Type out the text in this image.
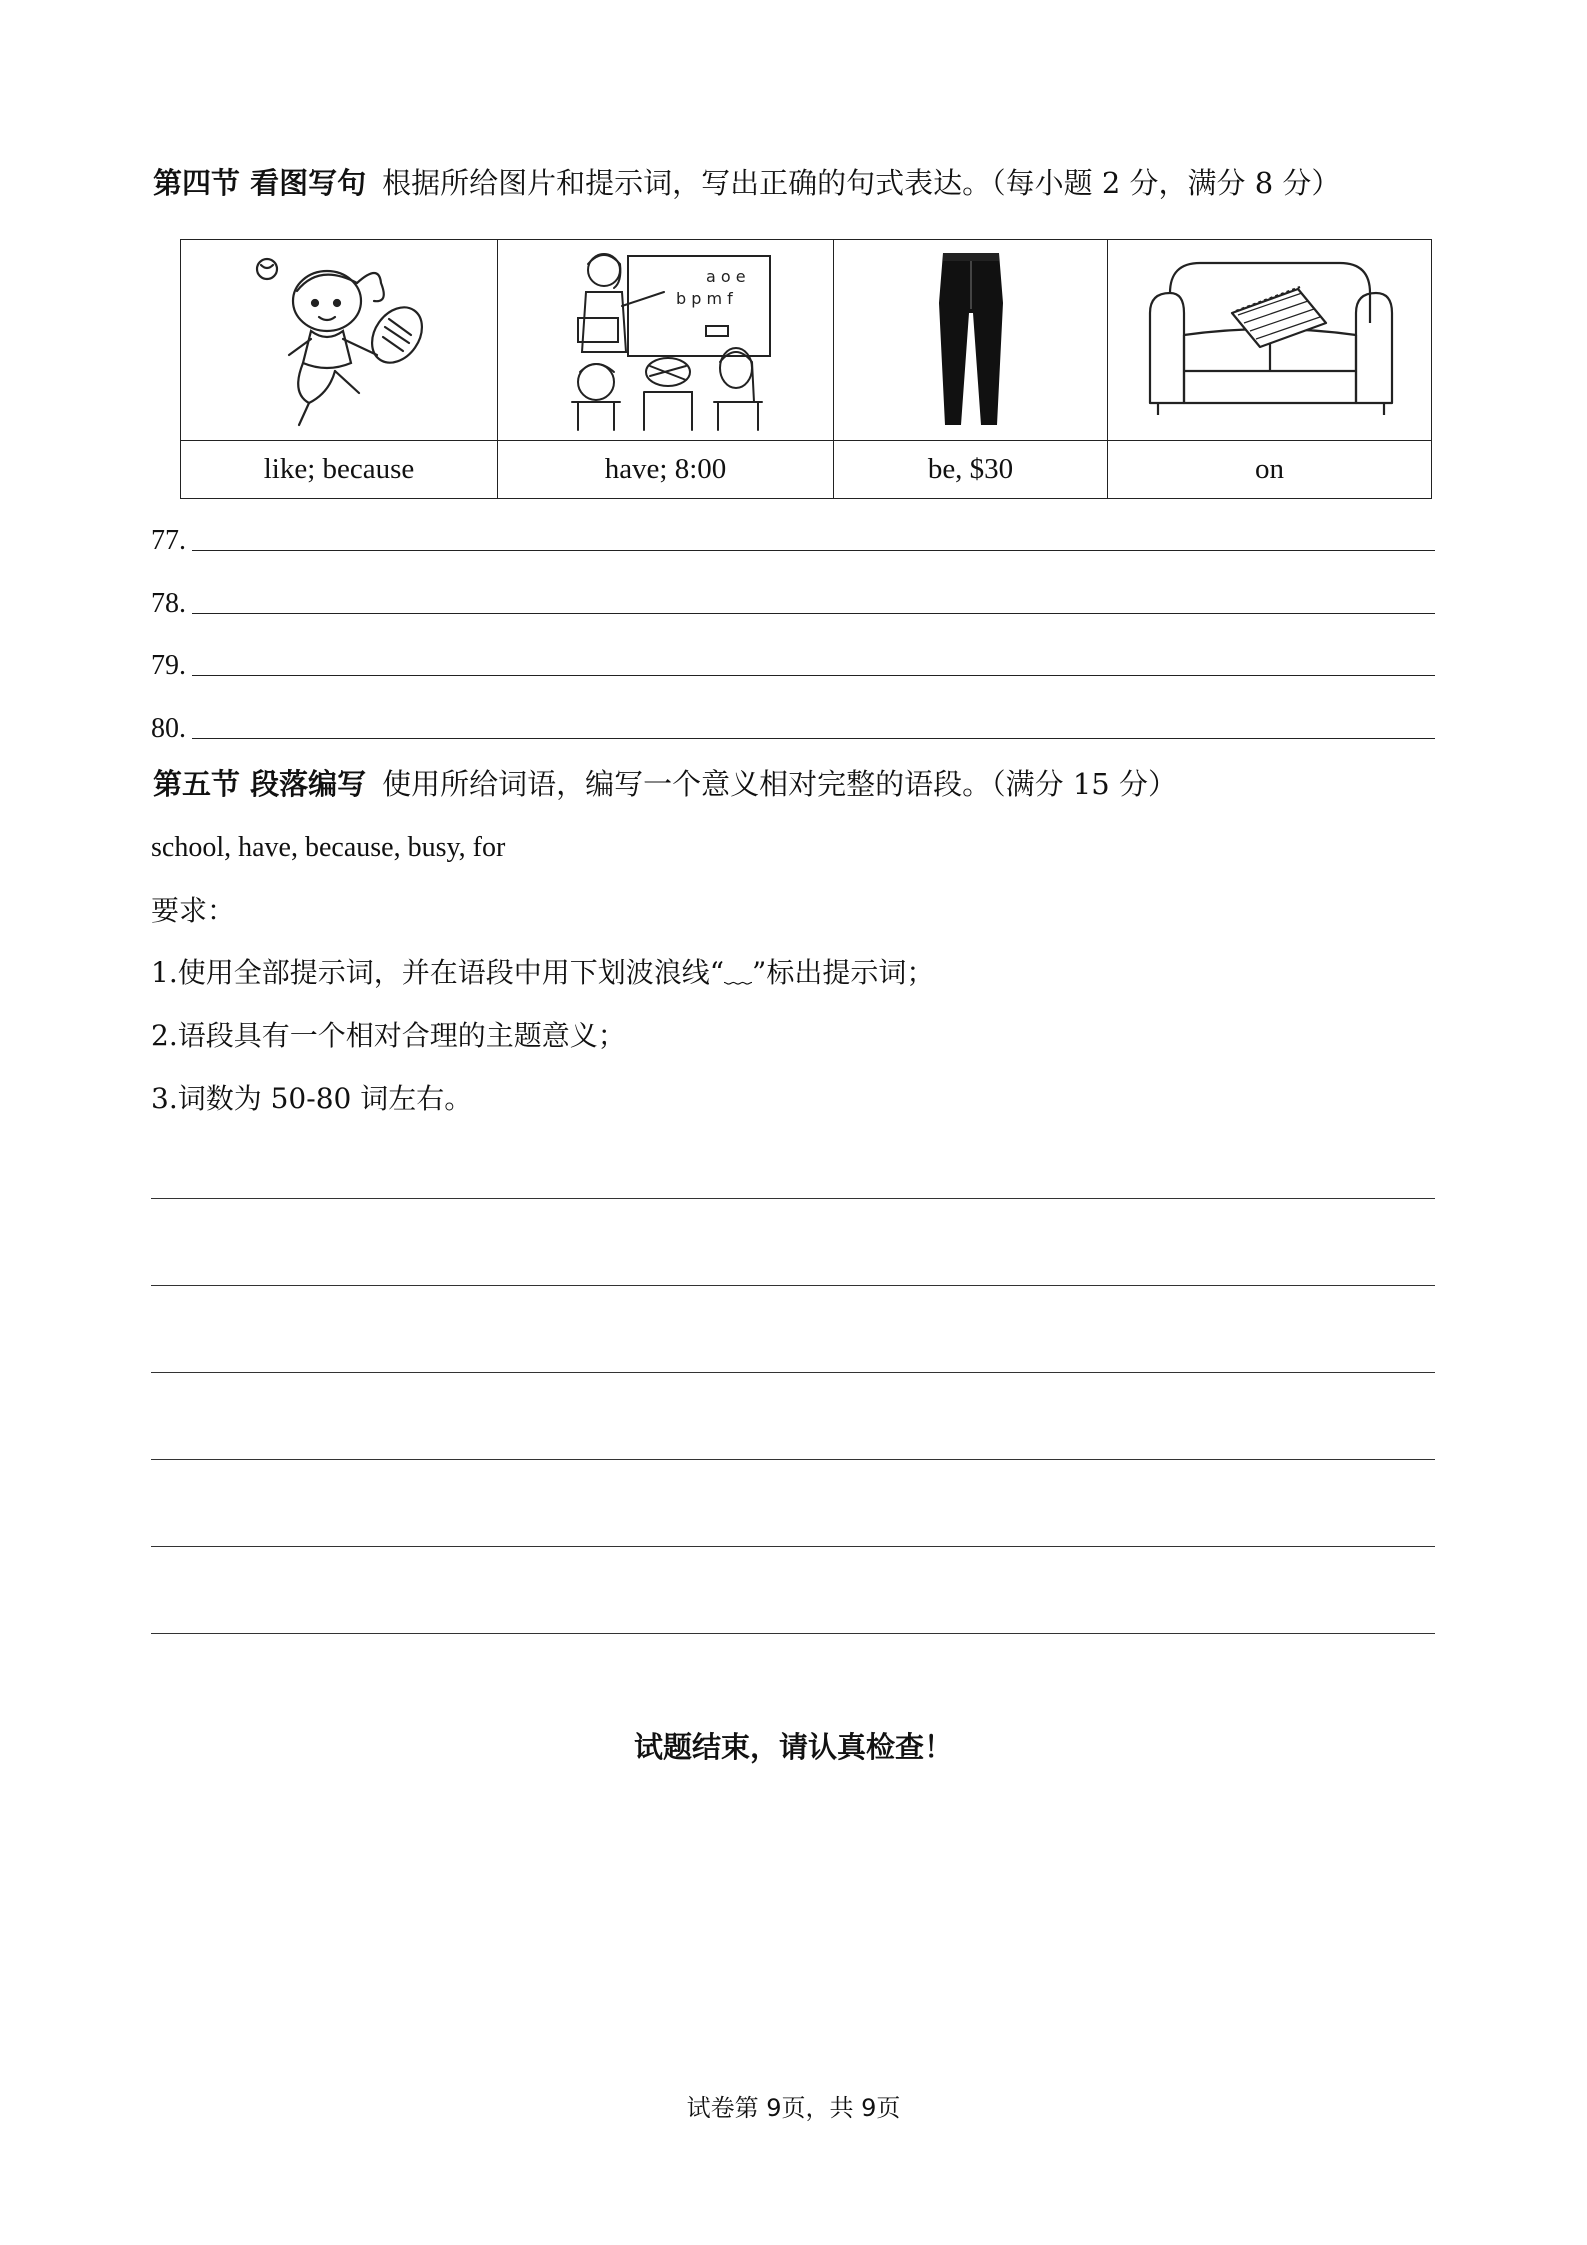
第四节 看图写句 根据所给图片和提示词，写出正确的句式表达。（每小题 2 分，满分 8 分）

a o e
b p m f

like; because	have; 8:00	be, $30	on
77.
78.
79.
80.
第五节 段落编写 使用所给词语，编写一个意义相对完整的语段。（满分 15 分）
school, have, because, busy, for
要求：
1.使用全部提示词，并在语段中用下划波浪线“﹏”标出提示词；
2.语段具有一个相对合理的主题意义；
3.词数为 50-80 词左右。
试题结束，请认真检查！
试卷第 9页，共 9页
